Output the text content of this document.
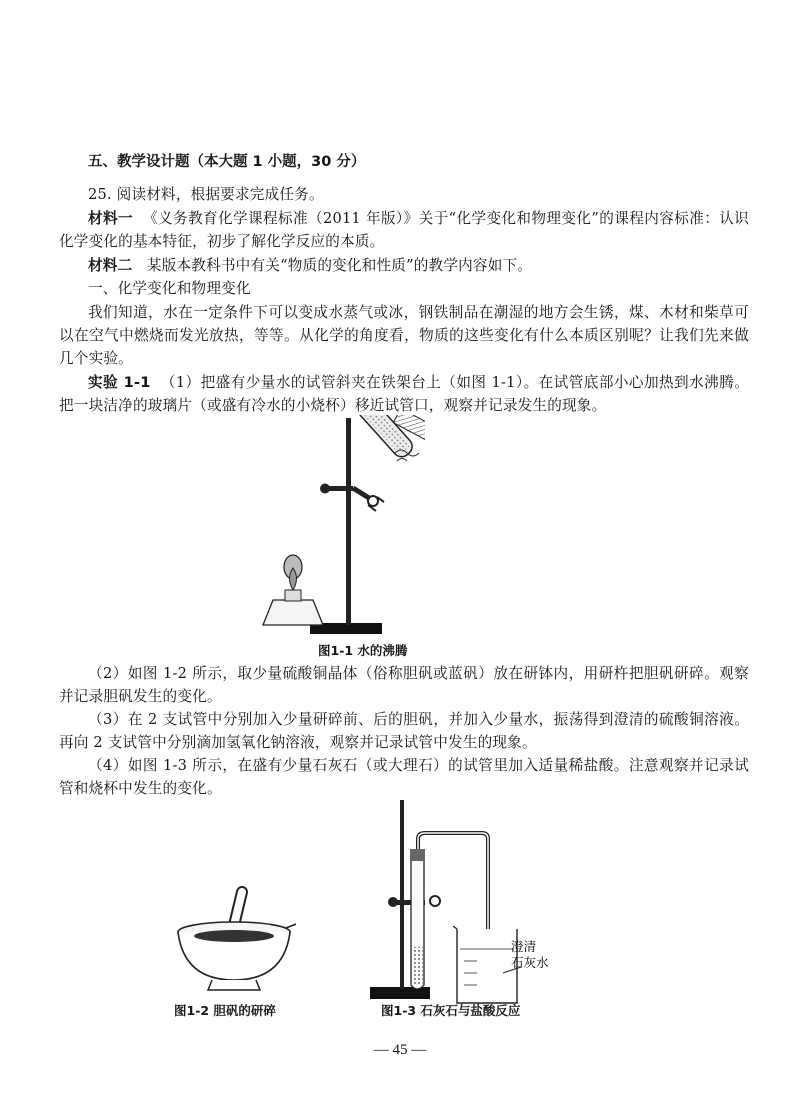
五、教学设计题（本大题 1 小题，30 分）

25. 阅读材料，根据要求完成任务。

材料一 《义务教育化学课程标准（2011 年版）》关于“化学变化和物理变化”的课程内容标准：认识化学变化的基本特征，初步了解化学反应的本质。

材料二 某版本教科书中有关“物质的变化和性质”的教学内容如下。

一、化学变化和物理变化

我们知道，水在一定条件下可以变成水蒸气或冰，钢铁制品在潮湿的地方会生锈，煤、木材和柴草可以在空气中燃烧而发光放热，等等。从化学的角度看，物质的这些变化有什么本质区别呢？让我们先来做几个实验。

实验 1-1 （1）把盛有少量水的试管斜夹在铁架台上（如图 1-1）。在试管底部小心加热到水沸腾。把一块洁净的玻璃片（或盛有冷水的小烧杯）移近试管口，观察并记录发生的现象。

图1-1 水的沸腾

（2）如图 1-2 所示，取少量硫酸铜晶体（俗称胆矾或蓝矾）放在研钵内，用研杵把胆矾研碎。观察并记录胆矾发生的变化。

（3）在 2 支试管中分别加入少量研碎前、后的胆矾，并加入少量水，振荡得到澄清的硫酸铜溶液。再向 2 支试管中分别滴加氢氧化钠溶液，观察并记录试管中发生的现象。

（4）如图 1-3 所示，在盛有少量石灰石（或大理石）的试管里加入适量稀盐酸。注意观察并记录试管和烧杯中发生的变化。

图1-2 胆矾的研碎
澄清
石灰水
图1-3 石灰石与盐酸反应
— 45 —
